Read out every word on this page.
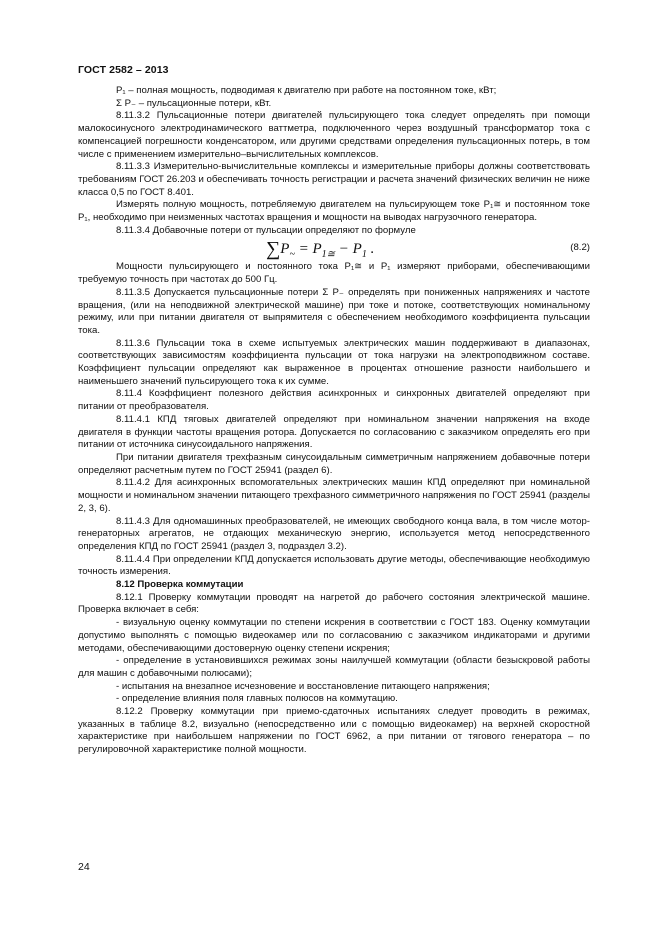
ГОСТ 2582 – 2013

P₁ – полная мощность, подводимая к двигателю при работе на постоянном токе, кВт;

Σ P₋ – пульсационные потери, кВт.

8.11.3.2 Пульсационные потери двигателей пульсирующего тока следует определять при помощи малокосинусного электродинамического ваттметра, подключенного через воздушный трансформатор тока с компенсацией погрешности конденсатором, или другими средствами определения пульсационных потерь, в том числе с применением измерительно–вычислительных комплексов.

8.11.3.3 Измерительно-вычислительные комплексы и измерительные приборы должны соответствовать требованиям ГОСТ 26.203 и обеспечивать точность регистрации и расчета значений физических величин не ниже класса 0,5 по ГОСТ 8.401.

Измерять полную мощность, потребляемую двигателем на пульсирующем токе P₁≅ и постоянном токе P₁, необходимо при неизменных частотах вращения и мощности на выводах нагрузочного генератора.

8.11.3.4 Добавочные потери от пульсации определяют по формуле

$\sum P_\sim = P_{1≅} - P_1$ .	(8.2)

Мощности пульсирующего и постоянного тока P₁≅ и P₁ измеряют приборами, обеспечивающими требуемую точность при частотах до 500 Гц.

8.11.3.5 Допускается пульсационные потери Σ P₋ определять при пониженных напряжениях и частоте вращения, (или на неподвижной электрической машине) при токе и потоке, соответствующих номинальному режиму, или при питании двигателя от выпрямителя с обеспечением необходимого коэффициента пульсации тока.

8.11.3.6 Пульсации тока в схеме испытуемых электрических машин поддерживают в диапазонах, соответствующих зависимостям коэффициента пульсации от тока нагрузки на электроподвижном составе. Коэффициент пульсации определяют как выраженное в процентах отношение разности наибольшего и наименьшего значений пульсирующего тока к их сумме.

8.11.4 Коэффициент полезного действия асинхронных и синхронных двигателей определяют при питании от преобразователя.

8.11.4.1 КПД тяговых двигателей определяют при номинальном значении напряжения на входе двигателя в функции частоты вращения ротора. Допускается по согласованию с заказчиком определять его при питании от источника синусоидального напряжения.

При питании двигателя трехфазным синусоидальным симметричным напряжением добавочные потери определяют расчетным путем по ГОСТ 25941 (раздел 6).

8.11.4.2 Для асинхронных вспомогательных электрических машин КПД определяют при номинальной мощности и номинальном значении питающего трехфазного симметричного напряжения по ГОСТ 25941 (разделы 2, 3, 6).

8.11.4.3 Для одномашинных преобразователей, не имеющих свободного конца вала, в том числе мотор-генераторных агрегатов, не отдающих механическую энергию, используется метод непосредственного определения КПД по ГОСТ 25941 (раздел 3, подраздел 3.2).

8.11.4.4 При определении КПД допускается использовать другие методы, обеспечивающие необходимую точность измерения.

8.12 Проверка коммутации

8.12.1 Проверку коммутации проводят на нагретой до рабочего состояния электрической машине. Проверка включает в себя:

- визуальную оценку коммутации по степени искрения в соответствии с ГОСТ 183. Оценку коммутации допустимо выполнять с помощью видеокамер или по согласованию с заказчиком индикаторами и другими методами, обеспечивающими достоверную оценку степени искрения;

- определение в установившихся режимах зоны наилучшей коммутации (области безыскровой работы для машин с добавочными полюсами);

- испытания на внезапное исчезновение и восстановление питающего напряжения;

- определение влияния поля главных полюсов на коммутацию.

8.12.2 Проверку коммутации при приемо-сдаточных испытаниях следует проводить в режимах, указанных в таблице 8.2, визуально (непосредственно или с помощью видеокамер) на верхней скоростной характеристике при наибольшем напряжении по ГОСТ 6962, а при питании от тягового генератора – по регулировочной характеристике полной мощности.

24
